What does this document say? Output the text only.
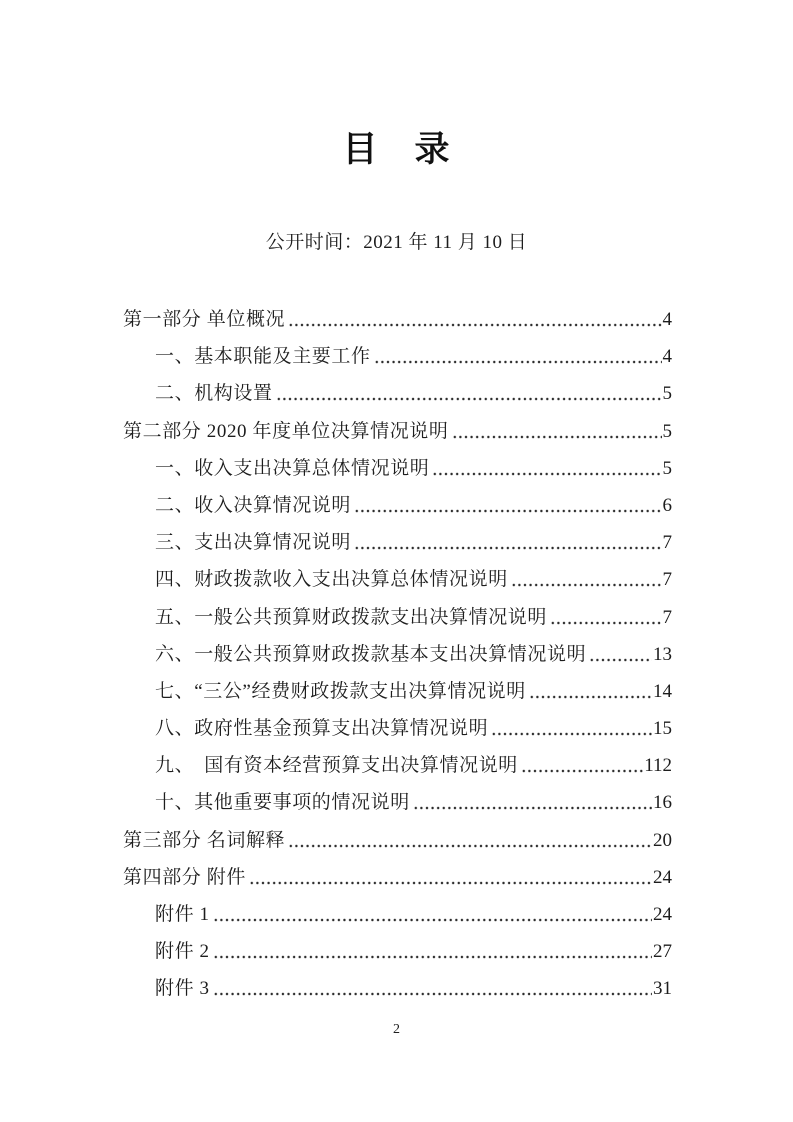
目　录
公开时间：2021 年 11 月 10 日
第一部分 单位概况	4
一、基本职能及主要工作	4
二、机构设置	5
第二部分 2020 年度单位决算情况说明	5
一、收入支出决算总体情况说明	5
二、收入决算情况说明	6
三、支出决算情况说明	7
四、财政拨款收入支出决算总体情况说明	7
五、一般公共预算财政拨款支出决算情况说明	7
六、一般公共预算财政拨款基本支出决算情况说明	13
七、“三公”经费财政拨款支出决算情况说明	14
八、政府性基金预算支出决算情况说明	15
九、　国有资本经营预算支出决算情况说明	112
十、其他重要事项的情况说明	16
第三部分 名词解释	20
第四部分 附件	24
附件 1	24
附件 2	27
附件 3	31
2
